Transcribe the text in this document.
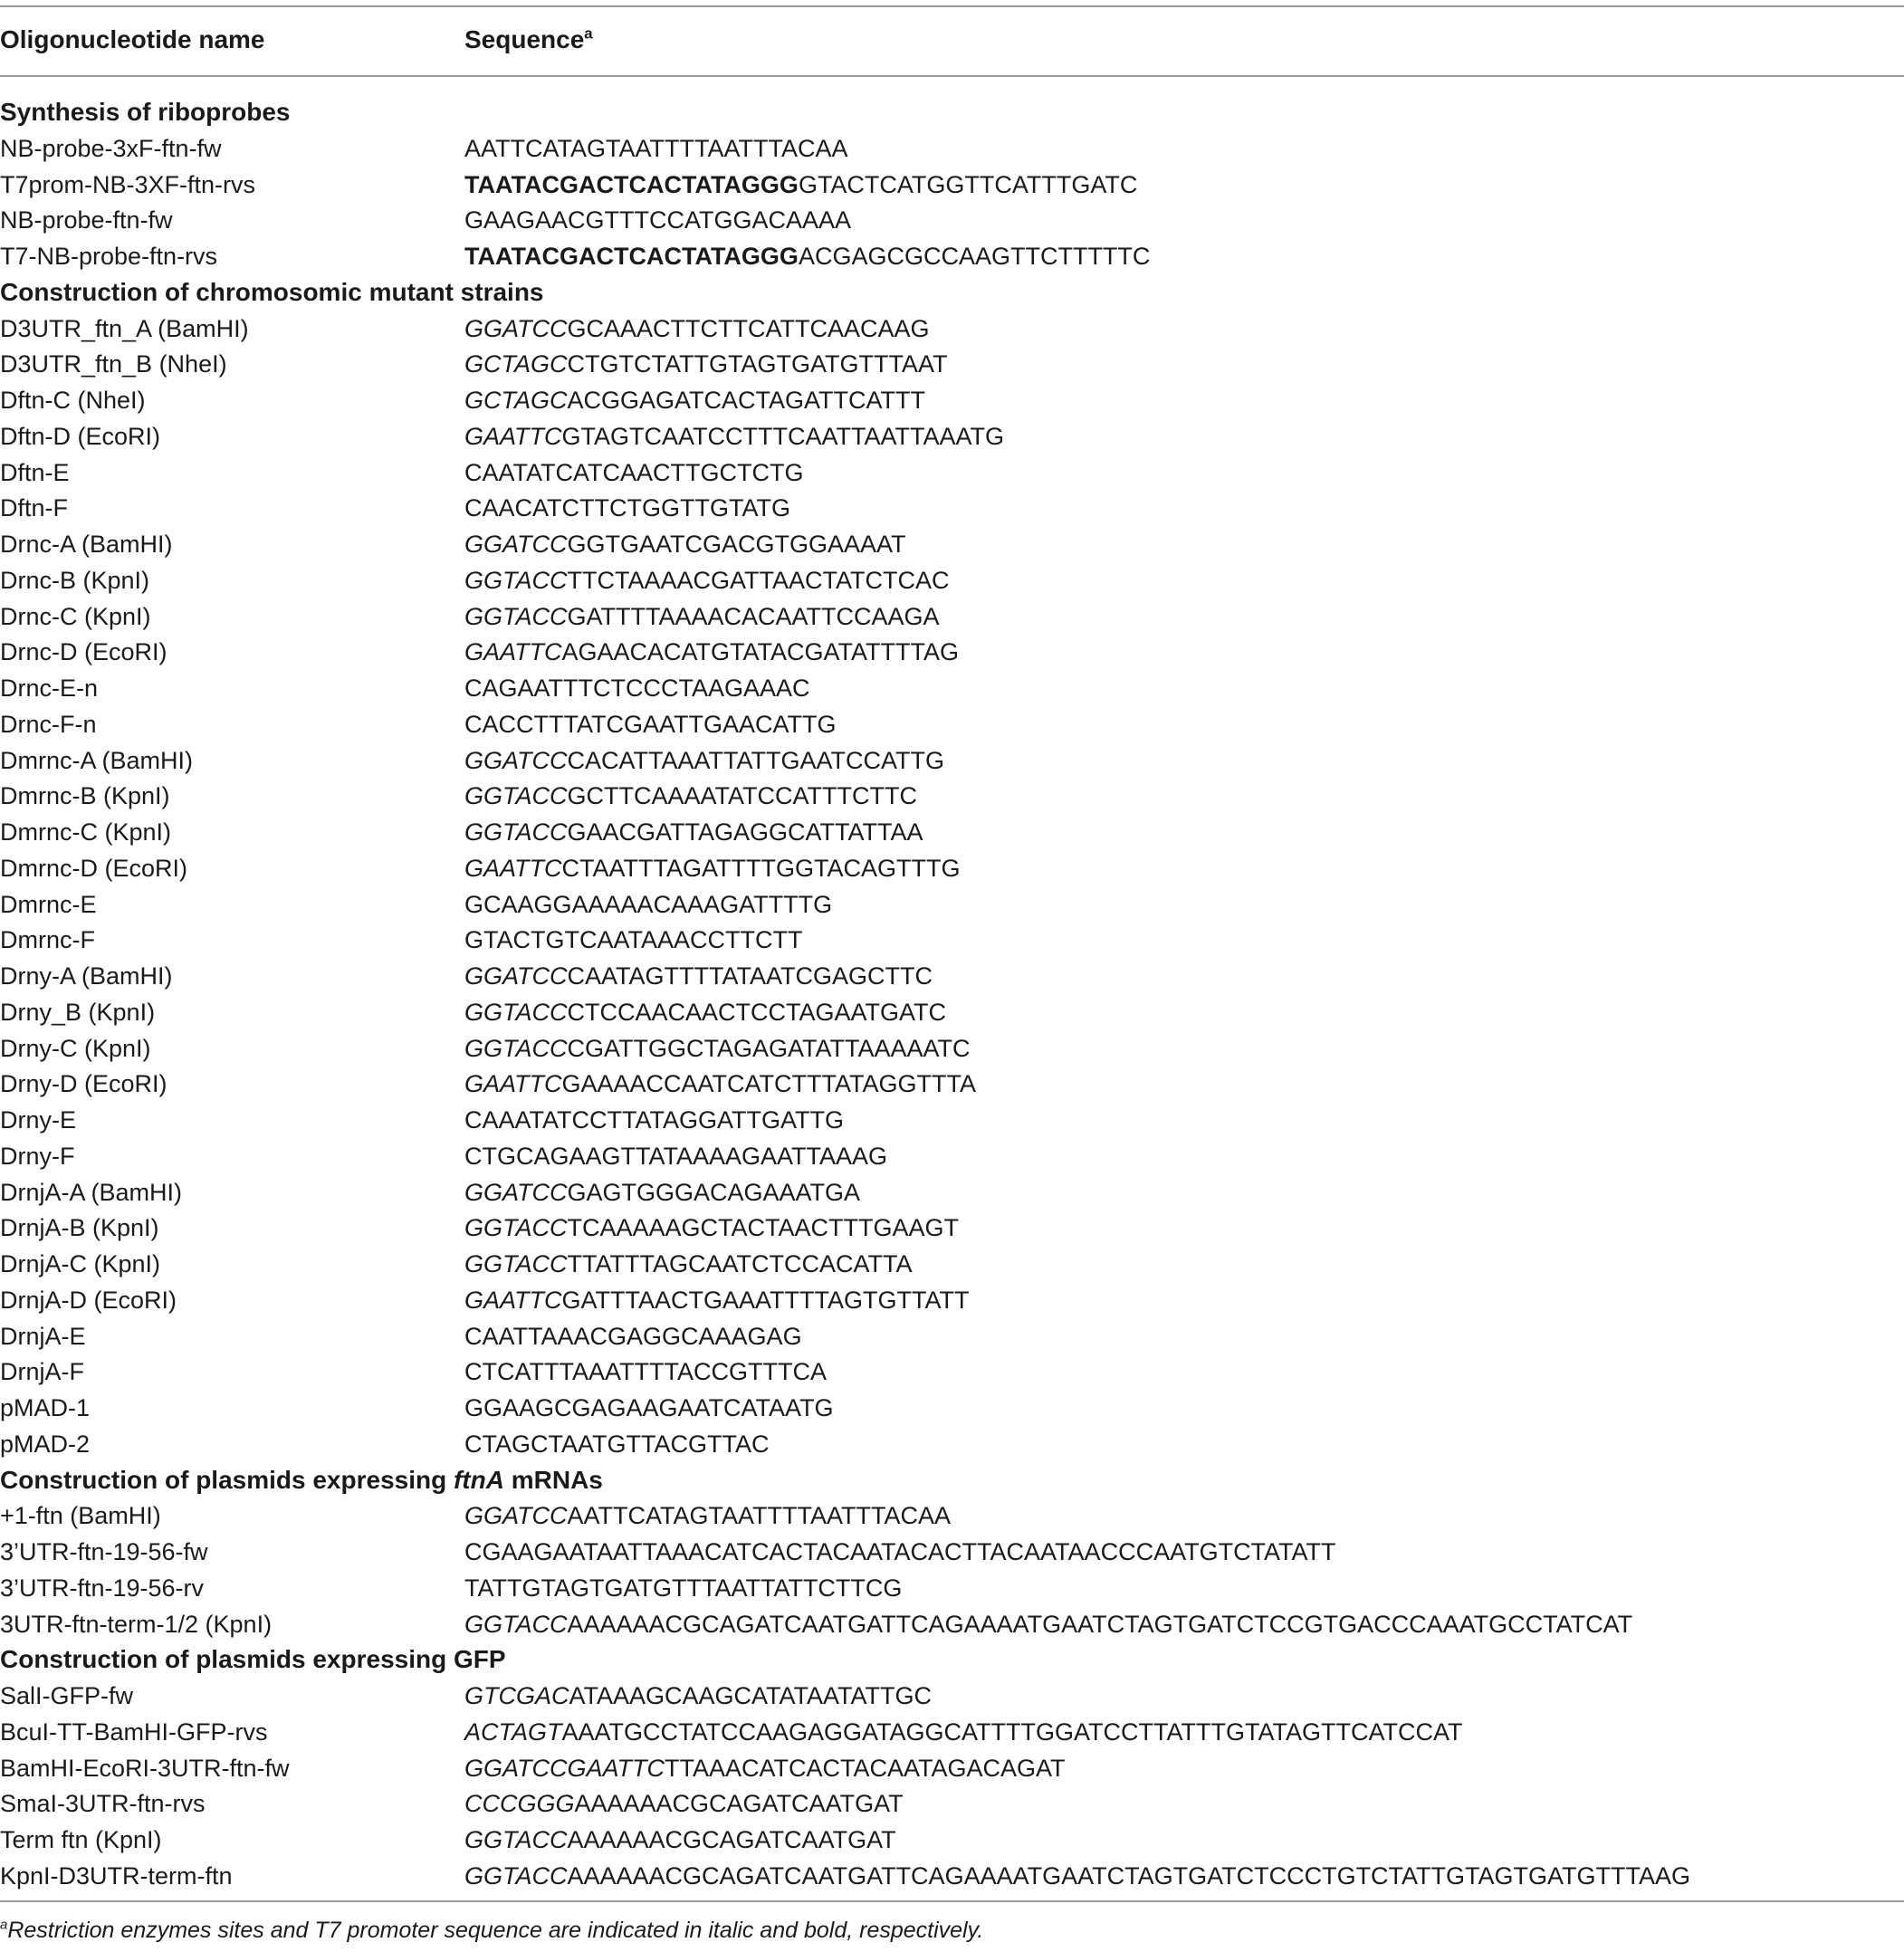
Oligonucleotide name	Sequence$^a$
Synthesis of riboprobes
NB-probe-3xF-ftn-fw	AATTCATAGTAATTTTAATTTACAA
T7prom-NB-3XF-ftn-rvs	TAATACGACTCACTATAGGGGTACTCATGGTTCATTTGATC
NB-probe-ftn-fw	GAAGAACGTTTCCATGGACAAAA
T7-NB-probe-ftn-rvs	TAATACGACTCACTATAGGGACGAGCGCCAAGTTCTTTTTC
Construction of chromosomic mutant strains
D3UTR_ftn_A (BamHI)	GGATCCGCAAACTTCTTCATTCAACAAG
D3UTR_ftn_B (NheI)	GCTAGCCTGTCTATTGTAGTGATGTTTAAT
Dftn-C (NheI)	GCTAGCACGGAGATCACTAGATTCATTT
Dftn-D (EcoRI)	GAATTCGTAGTCAATCCTTTCAATTAATTAAATG
Dftn-E	CAATATCATCAACTTGCTCTG
Dftn-F	CAACATCTTCTGGTTGTATG
Drnc-A (BamHI)	GGATCCGGTGAATCGACGTGGAAAAT
Drnc-B (KpnI)	GGTACCTTCTAAAACGATTAACTATCTCAC
Drnc-C (KpnI)	GGTACCGATTTTAAAACACAATTCCAAGA
Drnc-D (EcoRI)	GAATTCAGAACACATGTATACGATATTTTAG
Drnc-E-n	CAGAATTTCTCCCTAAGAAAC
Drnc-F-n	CACCTTTATCGAATTGAACATTG
Dmrnc-A (BamHI)	GGATCCCACATTAAATTATTGAATCCATTG
Dmrnc-B (KpnI)	GGTACCGCTTCAAAATATCCATTTCTTC
Dmrnc-C (KpnI)	GGTACCGAACGATTAGAGGCATTATTAA
Dmrnc-D (EcoRI)	GAATTCCTAATTTAGATTTTGGTACAGTTTG
Dmrnc-E	GCAAGGAAAAACAAAGATTTTG
Dmrnc-F	GTACTGTCAATAAACCTTCTT
Drny-A (BamHI)	GGATCCCAATAGTTTTATAATCGAGCTTC
Drny_B (KpnI)	GGTACCCTCCAACAACTCCTAGAATGATC
Drny-C (KpnI)	GGTACCCGATTGGCTAGAGATATTAAAAATC
Drny-D (EcoRI)	GAATTCGAAAACCAATCATCTTTATAGGTTTA
Drny-E	CAAATATCCTTATAGGATTGATTG
Drny-F	CTGCAGAAGTTATAAAAGAATTAAAG
DrnjA-A (BamHI)	GGATCCGAGTGGGACAGAAATGA
DrnjA-B (KpnI)	GGTACCTCAAAAAGCTACTAACTTTGAAGT
DrnjA-C (KpnI)	GGTACCTTATTTAGCAATCTCCACATTA
DrnjA-D (EcoRI)	GAATTCGATTTAACTGAAATTTTAGTGTTATT
DrnjA-E	CAATTAAACGAGGCAAAGAG
DrnjA-F	CTCATTTAAATTTTACCGTTTCA
pMAD-1	GGAAGCGAGAAGAATCATAATG
pMAD-2	CTAGCTAATGTTACGTTAC
Construction of plasmids expressing ftnA mRNAs
+1-ftn (BamHI)	GGATCCAATTCATAGTAATTTTAATTTACAA
3’UTR-ftn-19-56-fw	CGAAGAATAATTAAACATCACTACAATACACTTACAATAACCCAATGTCTATATT
3’UTR-ftn-19-56-rv	TATTGTAGTGATGTTTAATTATTCTTCG
3UTR-ftn-term-1/2 (KpnI)	GGTACCAAAAAACGCAGATCAATGATTCAGAAAATGAATCTAGTGATCTCCGTGACCCAAATGCCTATCAT
Construction of plasmids expressing GFP
SalI-GFP-fw	GTCGACATAAAGCAAGCATATAATATTGC
BcuI-TT-BamHI-GFP-rvs	ACTAGTAAATGCCTATCCAAGAGGATAGGCATTTTGGATCCTTATTTGTATAGTTCATCCAT
BamHI-EcoRI-3UTR-ftn-fw	GGATCCGAATTCTTAAACATCACTACAATAGACAGAT
SmaI-3UTR-ftn-rvs	CCCGGGAAAAAACGCAGATCAATGAT
Term ftn (KpnI)	GGTACCAAAAAACGCAGATCAATGAT
KpnI-D3UTR-term-ftn	GGTACCAAAAAACGCAGATCAATGATTCAGAAAATGAATCTAGTGATCTCCCTGTCTATTGTAGTGATGTTTAAG
$^a$Restriction enzymes sites and T7 promoter sequence are indicated in italic and bold, respectively.
